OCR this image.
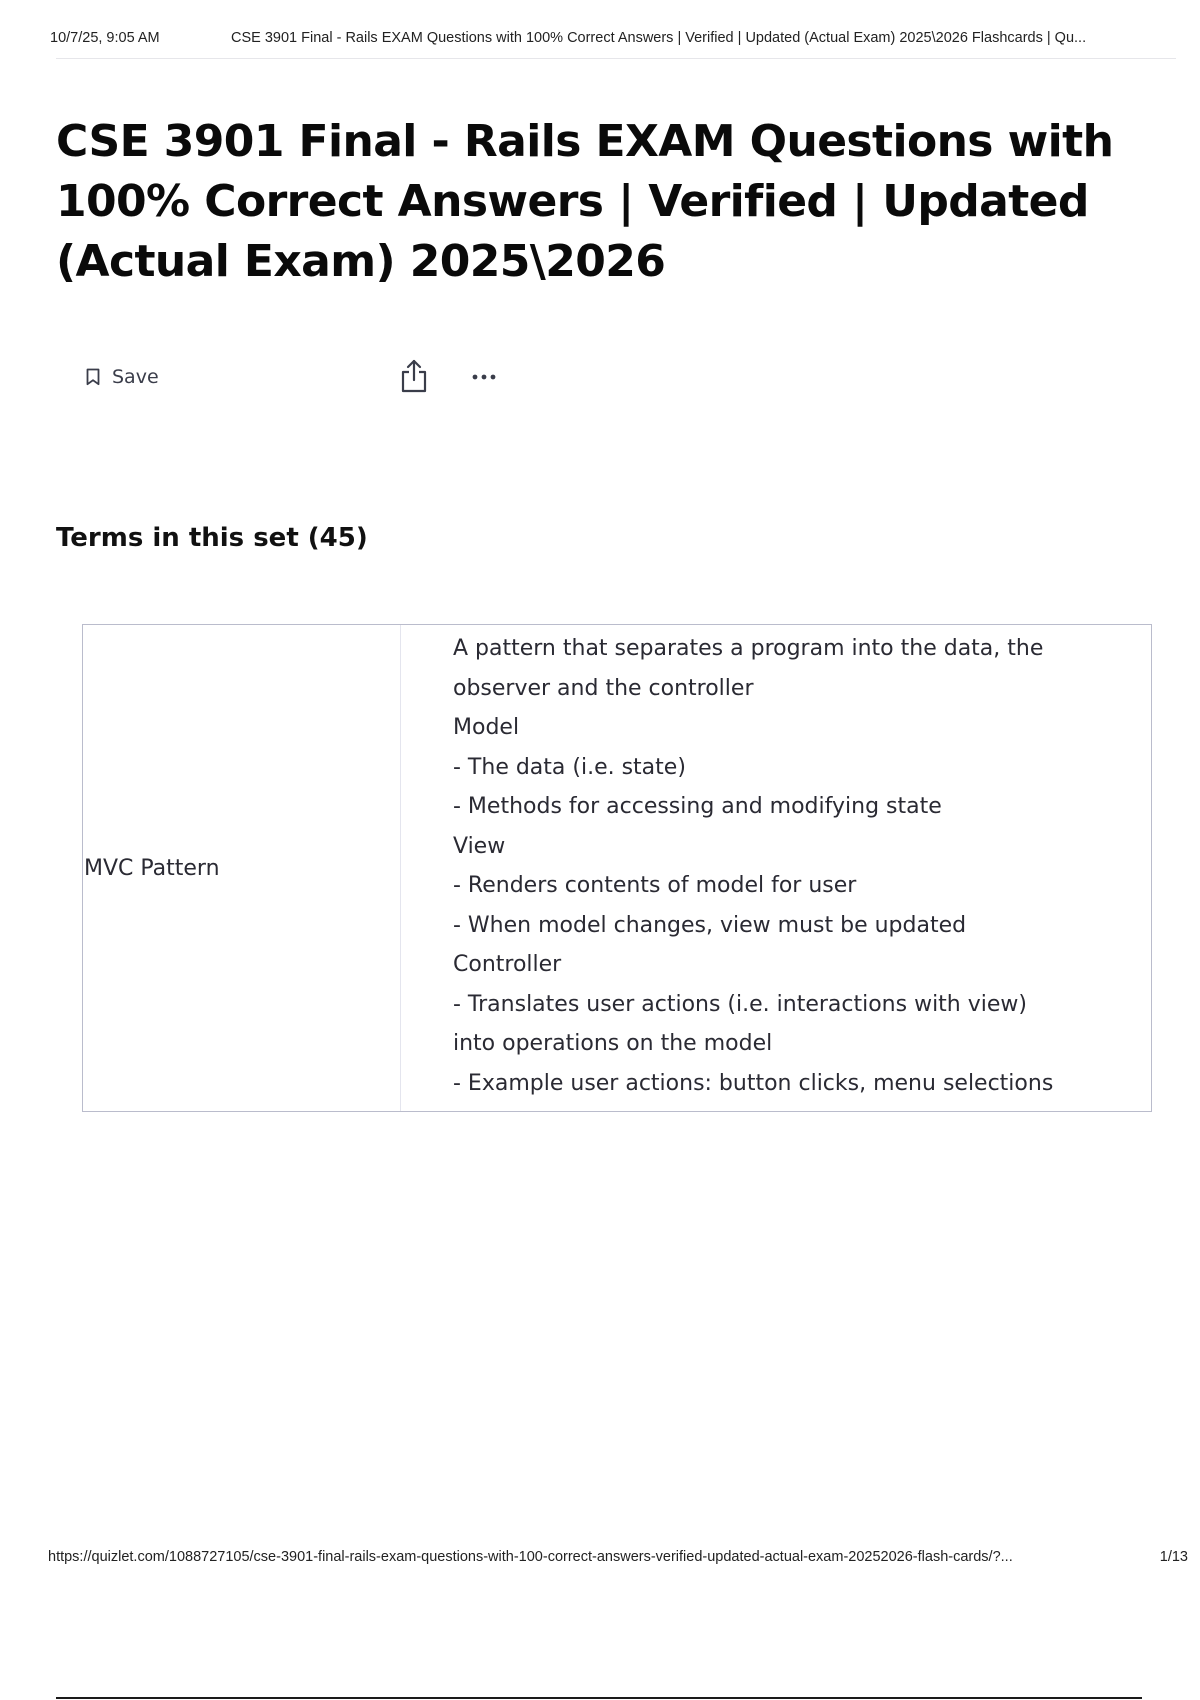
10/7/25, 9:05 AM	CSE 3901 Final - Rails EXAM Questions with 100% Correct Answers | Verified | Updated (Actual Exam) 2025\2026 Flashcards | Qu...
CSE 3901 Final - Rails EXAM Questions with 100% Correct Answers | Verified | Updated (Actual Exam) 2025\2026
Save
Terms in this set (45)
MVC Pattern
A pattern that separates a program into the data, the
observer and the controller
Model
- The data (i.e. state)
- Methods for accessing and modifying state
View
- Renders contents of model for user
- When model changes, view must be updated
Controller
- Translates user actions (i.e. interactions with view)
into operations on the model
- Example user actions: button clicks, menu selections
https://quizlet.com/1088727105/cse-3901-final-rails-exam-questions-with-100-correct-answers-verified-updated-actual-exam-20252026-flash-cards/?...	1/13
